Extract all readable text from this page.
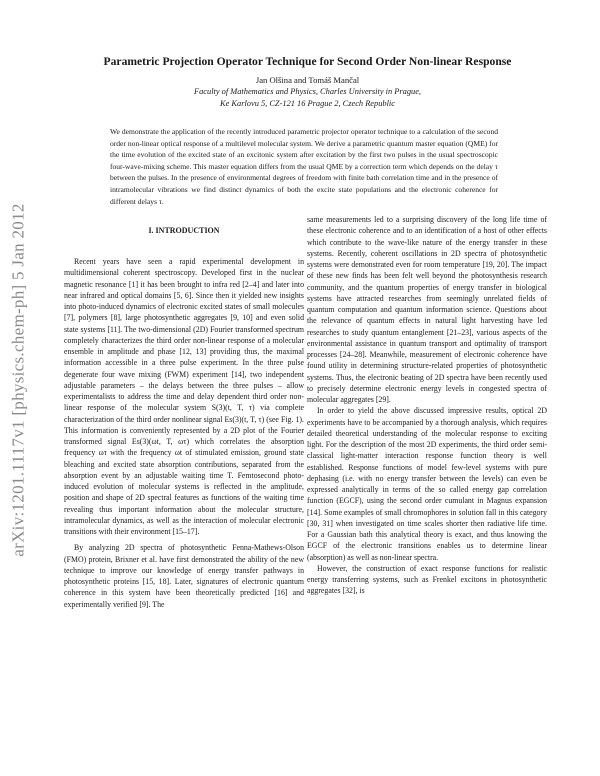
arXiv:1201.1117v1 [physics.chem-ph] 5 Jan 2012
Parametric Projection Operator Technique for Second Order Non-linear Response
Jan Olšina and Tomáš Mančal
Faculty of Mathematics and Physics, Charles University in Prague,
Ke Karlovu 5, CZ-121 16 Prague 2, Czech Republic
We demonstrate the application of the recently introduced parametric projector operator technique to a calculation of the second order non-linear optical response of a multilevel molecular system. We derive a parametric quantum master equation (QME) for the time evolution of the excited state of an excitonic system after excitation by the first two pulses in the usual spectroscopic four-wave-mixing scheme. This master equation differs from the usual QME by a correction term which depends on the delay τ between the pulses. In the presence of environmental degrees of freedom with finite bath correlation time and in the presence of intramolecular vibrations we find distinct dynamics of both the excite state populations and the electronic coherence for different delays τ.

I. INTRODUCTION

Recent years have seen a rapid experimental development in multidimensional coherent spectroscopy. Developed first in the nuclear magnetic resonance [1] it has been brought to infra red [2–4] and later into near infrared and optical domains [5, 6]. Since then it yielded new insights into photo-induced dynamics of electronic excited states of small molecules [7], polymers [8], large photosynthetic aggregates [9, 10] and even solid state systems [11]. The two-dimensional (2D) Fourier transformed spectrum completely characterizes the third order non-linear response of a molecular ensemble in amplitude and phase [12, 13] providing thus, the maximal information accessible in a three pulse experiment. In the three pulse degenerate four wave mixing (FWM) experiment [14], two independent adjustable parameters – the delays between the three pulses – allow experimentalists to address the time and delay dependent third order non-linear response of the molecular system S(3)(t, T, τ) via complete characterization of the third order nonlinear signal Es(3)(t, T, τ) (see Fig. 1). This information is conveniently represented by a 2D plot of the Fourier transformed signal Es(3)(ωt, T, ωτ) which correlates the absorption frequency ωτ with the frequency ωt of stimulated emission, ground state bleaching and excited state absorption contributions, separated from the absorption event by an adjustable waiting time T. Femtosecond photo-induced evolution of molecular systems is reflected in the amplitude, position and shape of 2D spectral features as functions of the waiting time revealing thus important information about the molecular structure, intramolecular dynamics, as well as the interaction of molecular electronic transitions with their environment [15–17].

By analyzing 2D spectra of photosynthetic Fenna-Mathews-Olson (FMO) protein, Brixner et al. have first demonstrated the ability of the new technique to improve our knowledge of energy transfer pathways in photosynthetic proteins [15, 18]. Later, signatures of electronic quantum coherence in this system have been theoretically predicted [16] and experimentally verified [9]. The

same measurements led to a surprising discovery of the long life time of these electronic coherence and to an identification of a host of other effects which contribute to the wave-like nature of the energy transfer in these systems. Recently, coherent oscillations in 2D spectra of photosynthetic systems were demonstrated even for room temperature [19, 20]. The impact of these new finds has been felt well beyond the photosynthesis research community, and the quantum properties of energy transfer in biological systems have attracted researches from seemingly unrelated fields of quantum computation and quantum information science. Questions about the relevance of quantum effects in natural light harvesting have led researches to study quantum entanglement [21–23], various aspects of the environmental assistance in quantum transport and optimality of transport processes [24–28]. Meanwhile, measurement of electronic coherence have found utility in determining structure-related properties of photosynthetic systems. Thus, the electronic beating of 2D spectra have been recently used to precisely determine electronic energy levels in congested spectra of molecular aggregates [29].

In order to yield the above discussed impressive results, optical 2D experiments have to be accompanied by a thorough analysis, which requires detailed theoretical understanding of the molecular response to exciting light. For the description of the most 2D experiments, the third order semi-classical light-matter interaction response function theory is well established. Response functions of model few-level systems with pure dephasing (i.e. with no energy transfer between the levels) can even be expressed analytically in terms of the so called energy gap correlation function (EGCF), using the second order cumulant in Magnus expansion [14]. Some examples of small chromophores in solution fall in this category [30, 31] when investigated on time scales shorter then radiative life time. For a Gaussian bath this analytical theory is exact, and thus knowing the EGCF of the electronic transitions enables us to determine linear (absorption) as well as non-linear spectra.

However, the construction of exact response functions for realistic energy transferring systems, such as Frenkel excitons in photosynthetic aggregates [32], is
